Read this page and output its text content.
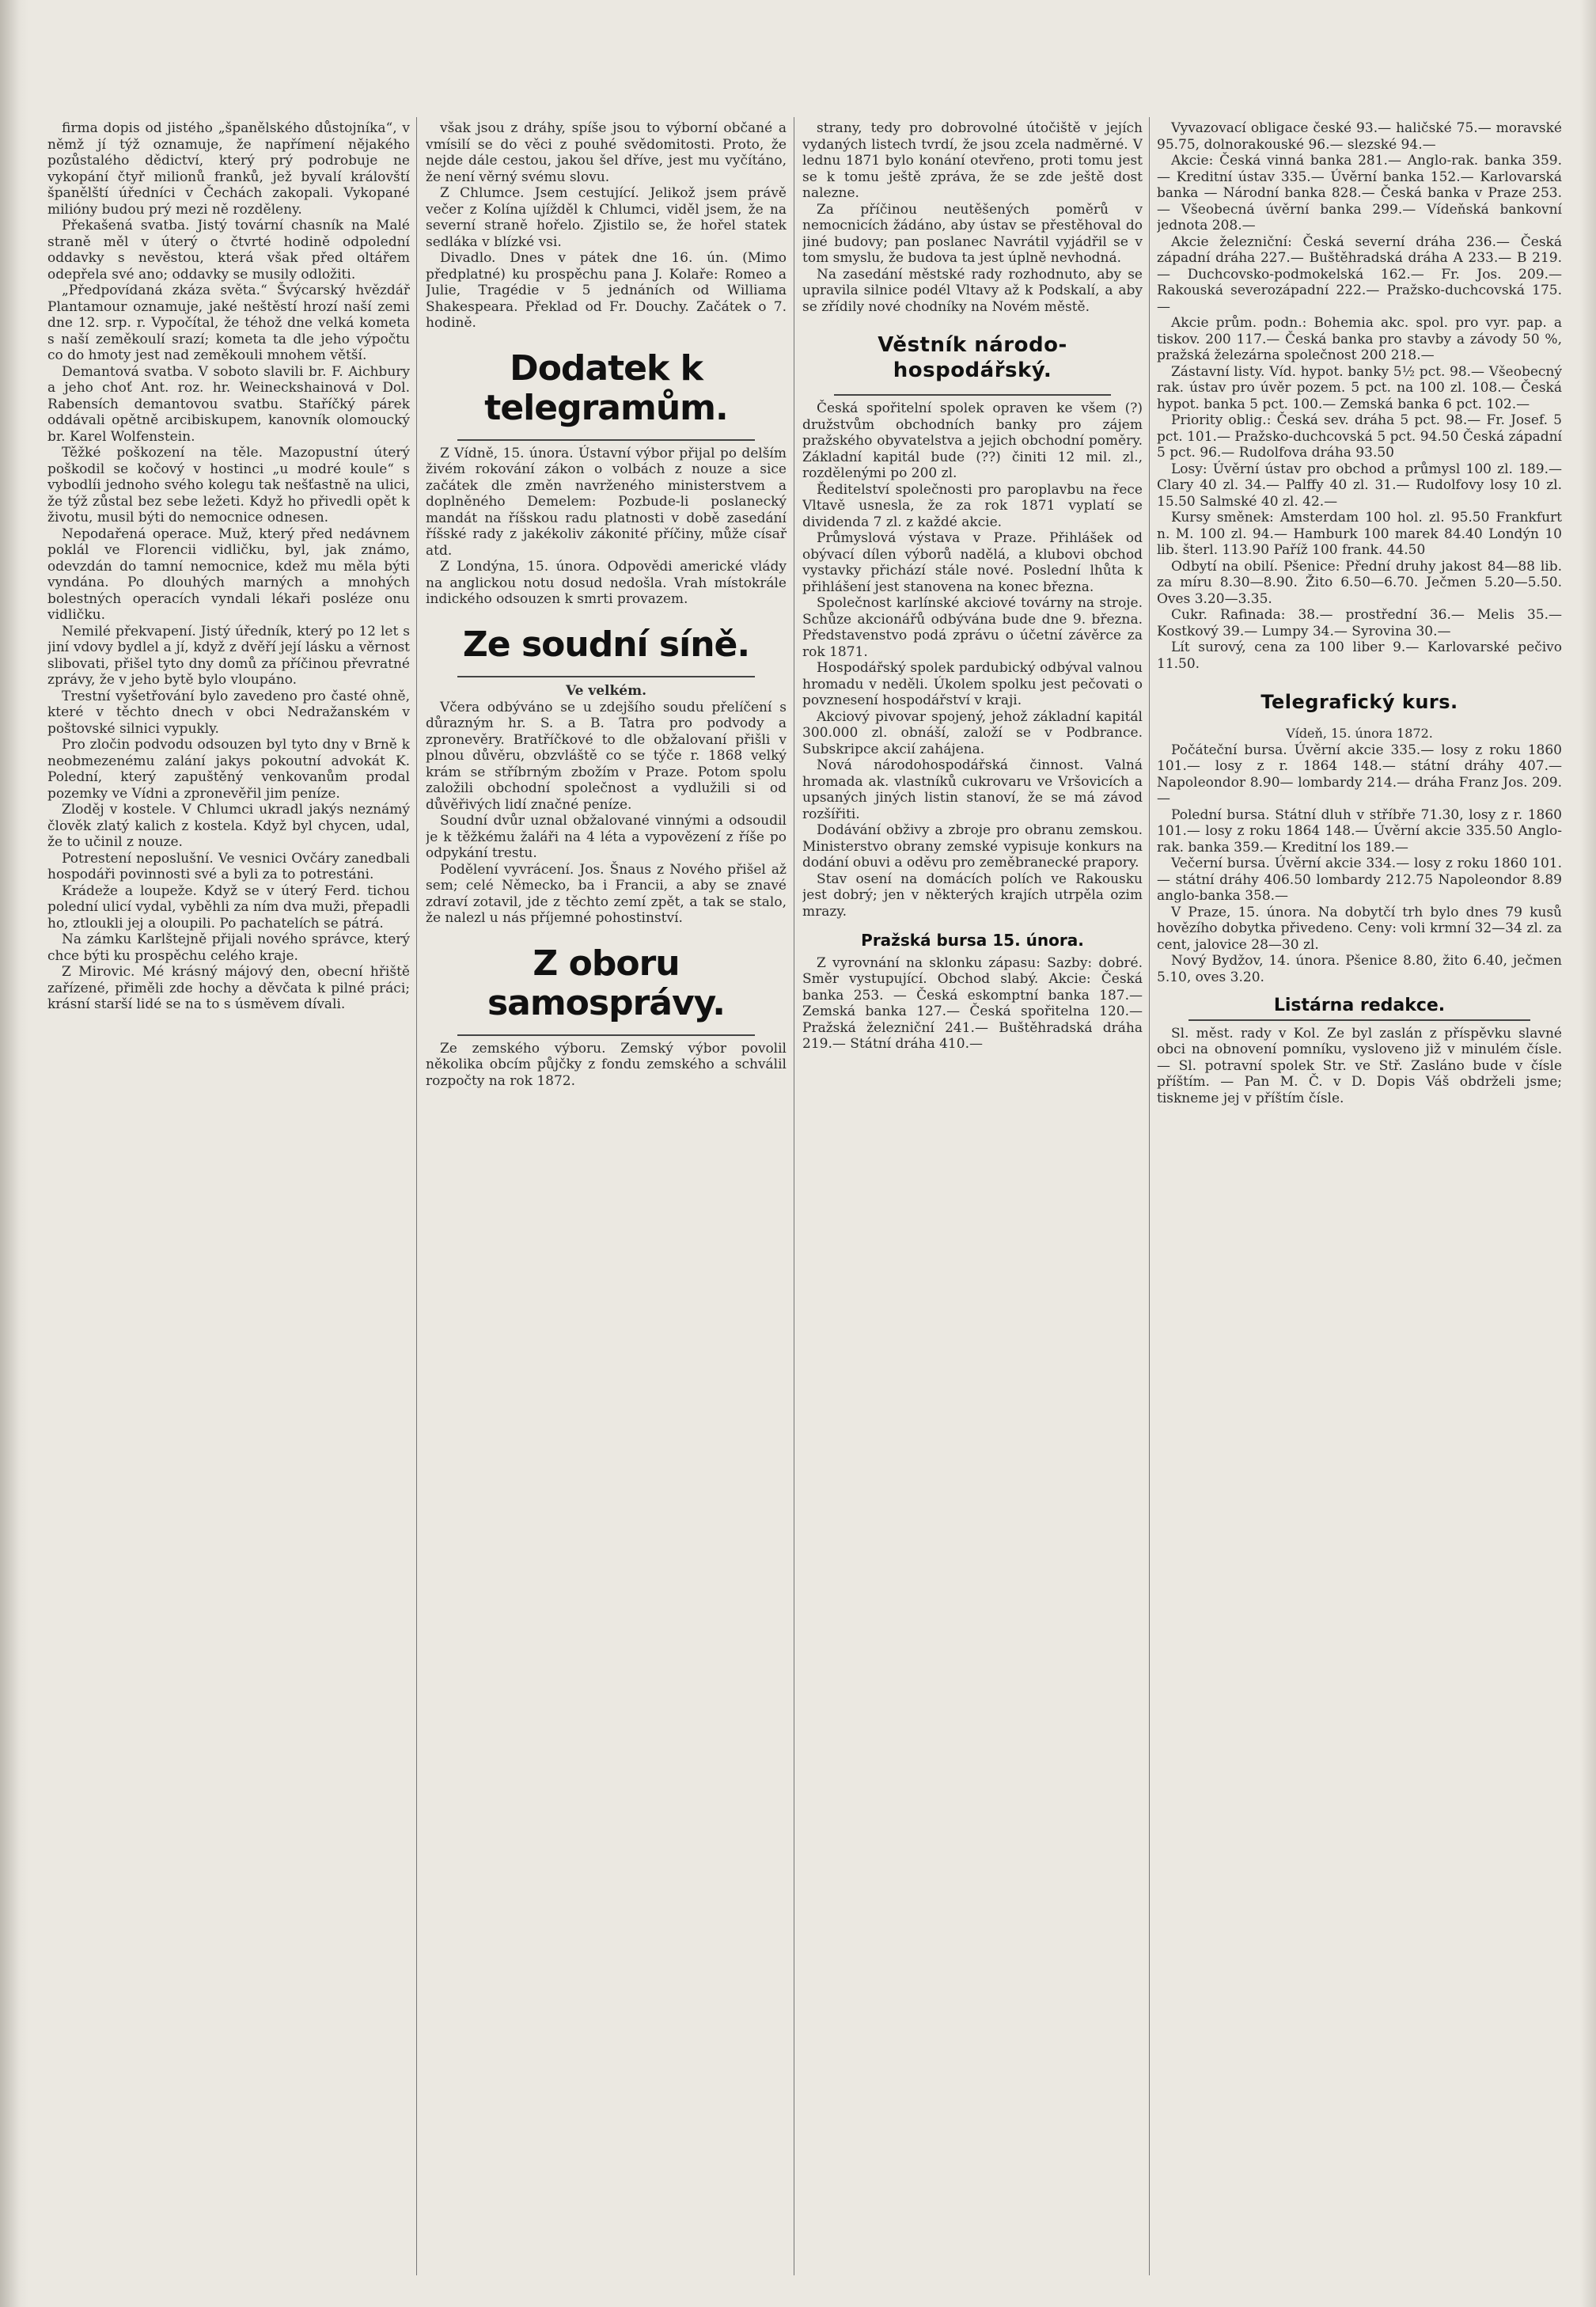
firma dopis od jistého „španělského důstojníka“, v němž jí týž oznamuje, že napřímení nějakého pozůstalého dědictví, který prý podrobuje ne vykopání čtyř milionů franků, jež byvalí královští španělští úředníci v Čechách zakopali. Vykopané milióny budou prý mezi ně rozděleny.

Překašená svatba. Jistý tovární chasník na Malé straně měl v úterý o čtvrté hodině odpolední oddavky s nevěstou, která však před oltářem odepřela své ano; oddavky se musily odložiti.

„Předpovídaná zkáza světa.“ Švýcarský hvězdář Plantamour oznamuje, jaké neštěstí hrozí naší zemi dne 12. srp. r. Vypočítal, že téhož dne velká kometa s naší zeměkoulí srazí; kometa ta dle jeho výpočtu co do hmoty jest nad zeměkouli mnohem větší.

Demantová svatba. V soboto slavili br. F. Aichbury a jeho choť Ant. roz. hr. Weineckshainová v Dol. Rabensích demantovou svatbu. Staříčký párek oddávali opětně arcibiskupem, kanovník olomoucký br. Karel Wolfenstein.

Těžké poškození na těle. Mazopustní úterý poškodil se kočový v hostinci „u modré koule“ s vybodlíi jednoho svého kolegu tak nešťastně na ulici, že týž zůstal bez sebe ležeti. Když ho přivedli opět k životu, musil býti do nemocnice odnesen.

Nepodařená operace. Muž, který před nedávnem poklál ve Florencii vidličku, byl, jak známo, odevzdán do tamní nemocnice, kdež mu měla býti vyndána. Po dlouhých marných a mnohých bolestných operacích vyndali lékaři posléze onu vidličku.

Nemilé překvapení. Jistý úředník, který po 12 let s jiní vdovy bydlel a jí, když z dvěří její lásku a věrnost slibovati, přišel tyto dny domů za příčinou převratné zprávy, že v jeho bytě bylo vloupáno.

Trestní vyšetřování bylo zavedeno pro časté ohně, které v těchto dnech v obci Nedražanském v poštovské silnici vypukly.

Pro zločin podvodu odsouzen byl tyto dny v Brně k neobmezenému zalání jakys pokoutní advokát K. Polední, který zapuštěný venkovanům prodal pozemky ve Vídni a zpronevěřil jim peníze.

Zloděj v kostele. V Chlumci ukradl jakýs neznámý člověk zlatý kalich z kostela. Když byl chycen, udal, že to učinil z nouze.

Potrestení neposlušní. Ve vesnici Ovčáry zanedbali hospodáři povinnosti své a byli za to potrestáni.

Krádeže a loupeže. Když se v úterý Ferd. tichou polední ulicí vydal, vyběhli za ním dva muži, přepadli ho, ztloukli jej a oloupili. Po pachatelích se pátrá.

Na zámku Karlštejně přijali nového správce, který chce býti ku prospěchu celého kraje.

Z Mirovic. Mé krásný májový den, obecní hřiště zařízené, přiměli zde hochy a děvčata k pilné práci; krásní starší lidé se na to s úsměvem dívali.

však jsou z dráhy, spíše jsou to výborní občané a vmísilí se do věci z pouhé svědomitosti. Proto, že nejde dále cestou, jakou šel dříve, jest mu vyčítáno, že není věrný svému slovu.

Z Chlumce. Jsem cestující. Jelikož jsem právě večer z Kolína ujížděl k Chlumci, viděl jsem, že na severní straně hořelo. Zjistilo se, že hořel statek sedláka v blízké vsi.

Divadlo. Dnes v pátek dne 16. ún. (Mimo předplatné) ku prospěchu pana J. Kolaře: Romeo a Julie, Tragédie v 5 jednáních od Williama Shakespeara. Překlad od Fr. Douchy. Začátek o 7. hodině.

Dodatek k telegramům.

Z Vídně, 15. února. Ústavní výbor přijal po delším živém rokování zákon o volbách z nouze a sice začátek dle změn navrženého ministerstvem a doplněného Demelem: Pozbude-li poslanecký mandát na říšskou radu platnosti v době zasedání říšské rady z jakékoliv zákonité příčiny, může císař atd.

Z Londýna, 15. února. Odpovědi americké vlády na anglickou notu dosud nedošla. Vrah místokrále indického odsouzen k smrti provazem.

Ze soudní síně.
Ve velkém.

Včera odbýváno se u zdejšího soudu přelíčení s důrazným hr. S. a B. Tatra pro podvody a zpronevěry. Bratříčkové to dle obžalovaní přišli v plnou důvěru, obzvláště co se týče r. 1868 velký krám se stříbrným zbožím v Praze. Potom spolu založili obchodní společnost a vydlužili si od důvěřivých lidí značné peníze.

Soudní dvůr uznal obžalované vinnými a odsoudil je k těžkému žaláři na 4 léta a vypovězení z říše po odpykání trestu.

Podělení vyvrácení. Jos. Šnaus z Nového přišel až sem; celé Německo, ba i Francii, a aby se znavé zdraví zotavil, jde z těchto zemí zpět, a tak se stalo, že nalezl u nás příjemné pohostinství.

Z oboru samosprávy.

Ze zemského výboru. Zemský výbor povolil několika obcím půjčky z fondu zemského a schválil rozpočty na rok 1872.

strany, tedy pro dobrovolné útočiště v jejích vydaných listech tvrdí, že jsou zcela nadměrné. V lednu 1871 bylo konání otevřeno, proti tomu jest se k tomu ještě zpráva, že se zde ještě dost nalezne.

Za příčinou neutěšených poměrů v nemocnicích žádáno, aby ústav se přestěhoval do jiné budovy; pan poslanec Navrátil vyjádřil se v tom smyslu, že budova ta jest úplně nevhodná.

Na zasedání městské rady rozhodnuto, aby se upravila silnice podél Vltavy až k Podskalí, a aby se zřídily nové chodníky na Novém městě.

Věstník národo-hospodářský.

Česká spořitelní spolek opraven ke všem (?) družstvům obchodních banky pro zájem pražského obyvatelstva a jejich obchodní poměry. Základní kapitál bude (??) činiti 12 mil. zl., rozdělenými po 200 zl.

Ředitelství společnosti pro paroplavbu na řece Vltavě usnesla, že za rok 1871 vyplatí se dividenda 7 zl. z každé akcie.

Průmyslová výstava v Praze. Přihlášek od obývací dílen výborů nadělá, a klubovi obchod vystavky přichází stále nové. Poslední lhůta k přihlášení jest stanovena na konec března.

Společnost karlínské akciové továrny na stroje. Schůze akcionářů odbývána bude dne 9. března. Představenstvo podá zprávu o účetní závěrce za rok 1871.

Hospodářský spolek pardubický odbýval valnou hromadu v neděli. Úkolem spolku jest pečovati o povznesení hospodářství v kraji.

Akciový pivovar spojený, jehož základní kapitál 300.000 zl. obnáší, založí se v Podbrance. Subskripce akcií zahájena.

Nová národohospodářská činnost. Valná hromada ak. vlastníků cukrovaru ve Vršovicích a upsaných jiných listin stanoví, že se má závod rozšířiti.

Dodávání obživy a zbroje pro obranu zemskou. Ministerstvo obrany zemské vypisuje konkurs na dodání obuvi a oděvu pro zeměbranecké prapory.

Stav osení na domácích polích ve Rakousku jest dobrý; jen v některých krajích utrpěla ozim mrazy.

Pražská bursa 15. února.

Z vyrovnání na sklonku zápasu: Sazby: dobré. Směr vystupující. Obchod slabý. Akcie: Česká banka 253. — Česká eskomptní banka 187.— Zemská banka 127.— Česká spořitelna 120.— Pražská železniční 241.— Buštěhradská dráha 219.— Státní dráha 410.—

Vyvazovací obligace české 93.— haličské 75.— moravské 95.75, dolnorakouské 96.— slezské 94.—

Akcie: Česká vinná banka 281.— Anglo-rak. banka 359.— Kreditní ústav 335.— Úvěrní banka 152.— Karlovarská banka — Národní banka 828.— Česká banka v Praze 253.— Všeobecná úvěrní banka 299.— Vídeňská bankovní jednota 208.—

Akcie železniční: Česká severní dráha 236.— Česká západní dráha 227.— Buštěhradská dráha A 233.— B 219.— Duchcovsko-podmokelská 162.— Fr. Jos. 209.— Rakouská severozápadní 222.— Pražsko-duchcovská 175.—

Akcie prům. podn.: Bohemia akc. spol. pro vyr. pap. a tiskov. 200 117.— Česká banka pro stavby a závody 50 %, pražská železárna společnost 200 218.—

Zástavní listy. Víd. hypot. banky 5½ pct. 98.— Všeobecný rak. ústav pro úvěr pozem. 5 pct. na 100 zl. 108.— Česká hypot. banka 5 pct. 100.— Zemská banka 6 pct. 102.—

Priority oblig.: Česká sev. dráha 5 pct. 98.— Fr. Josef. 5 pct. 101.— Pražsko-duchcovská 5 pct. 94.50 Česká západní 5 pct. 96.— Rudolfova dráha 93.50

Losy: Úvěrní ústav pro obchod a průmysl 100 zl. 189.— Clary 40 zl. 34.— Palffy 40 zl. 31.— Rudolfovy losy 10 zl. 15.50 Salmské 40 zl. 42.—

Kursy směnek: Amsterdam 100 hol. zl. 95.50 Frankfurt n. M. 100 zl. 94.— Hamburk 100 marek 84.40 Londýn 10 lib. šterl. 113.90 Paříž 100 frank. 44.50

Odbytí na obilí. Pšenice: Přední druhy jakost 84—88 lib. za míru 8.30—8.90. Žito 6.50—6.70. Ječmen 5.20—5.50. Oves 3.20—3.35.

Cukr. Rafinada: 38.— prostřední 36.— Melis 35.— Kostkový 39.— Lumpy 34.— Syrovina 30.—

Lít surový, cena za 100 liber 9.— Karlovarské pečivo 11.50.

Telegrafický kurs.
Vídeň, 15. února 1872.

Počáteční bursa. Úvěrní akcie 335.— losy z roku 1860 101.— losy z r. 1864 148.— státní dráhy 407.— Napoleondor 8.90— lombardy 214.— dráha Franz Jos. 209.—

Polední bursa. Státní dluh v stříbře 71.30, losy z r. 1860 101.— losy z roku 1864 148.— Úvěrní akcie 335.50 Anglo-rak. banka 359.— Kreditní los 189.—

Večerní bursa. Úvěrní akcie 334.— losy z roku 1860 101.— státní dráhy 406.50 lombardy 212.75 Napoleondor 8.89 anglo-banka 358.—

V Praze, 15. února. Na dobytčí trh bylo dnes 79 kusů hovězího dobytka přivedeno. Ceny: voli krmní 32—34 zl. za cent, jalovice 28—30 zl.

Nový Bydžov, 14. února. Pšenice 8.80, žito 6.40, ječmen 5.10, oves 3.20.

Listárna redakce.

Sl. měst. rady v Kol. Ze byl zaslán z příspěvku slavné obci na obnovení pomníku, vysloveno již v minulém čísle. — Sl. potravní spolek Str. ve Stř. Zasláno bude v čísle příštím. — Pan M. Č. v D. Dopis Váš obdrželi jsme; tiskneme jej v příštím čísle.
